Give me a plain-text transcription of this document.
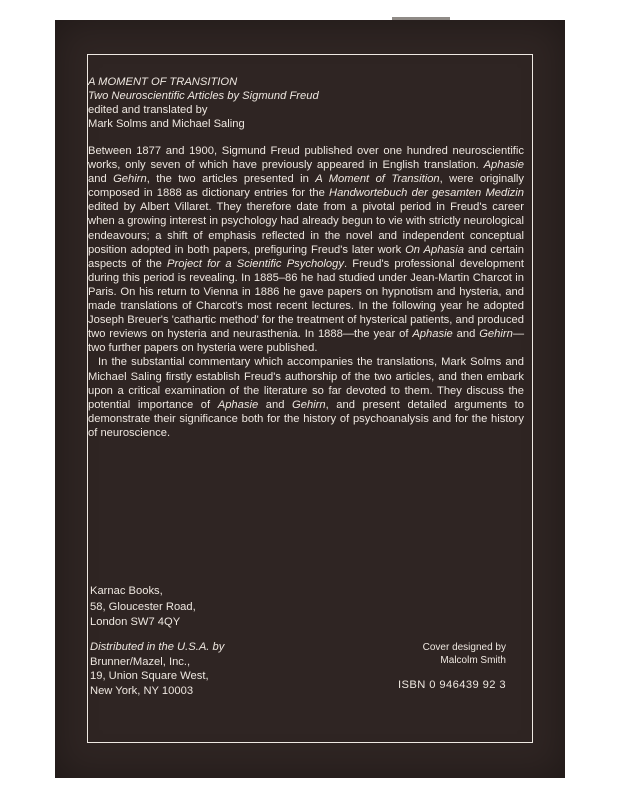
A MOMENT OF TRANSITION
Two Neuroscientific Articles by Sigmund Freud
edited and translated by
Mark Solms and Michael Saling

Between 1877 and 1900, Sigmund Freud published over one hundred neuroscientific works, only seven of which have previously appeared in English translation. Aphasie and Gehirn, the two articles presented in A Moment of Transition, were originally composed in 1888 as dictionary entries for the Handwortebuch der gesamten Medizin edited by Albert Villaret. They therefore date from a pivotal period in Freud's career when a growing interest in psychology had already begun to vie with strictly neurological endeavours; a shift of emphasis reflected in the novel and independent conceptual position adopted in both papers, prefiguring Freud's later work On Aphasia and certain aspects of the Project for a Scientific Psychology. Freud's professional development during this period is revealing. In 1885–86 he had studied under Jean-Martin Charcot in Paris. On his return to Vienna in 1886 he gave papers on hypnotism and hysteria, and made translations of Charcot's most recent lectures. In the following year he adopted Joseph Breuer's 'cathartic method' for the treatment of hysterical patients, and produced two reviews on hysteria and neurasthenia. In 1888—the year of Aphasie and Gehirn—two further papers on hysteria were published.

In the substantial commentary which accompanies the translations, Mark Solms and Michael Saling firstly establish Freud's authorship of the two articles, and then embark upon a critical examination of the literature so far devoted to them. They discuss the potential importance of Aphasie and Gehirn, and present detailed arguments to demonstrate their significance both for the history of psychoanalysis and for the history of neuroscience.

Karnac Books,
58, Gloucester Road,
London SW7 4QY
Distributed in the U.S.A. by
Brunner/Mazel, Inc.,
19, Union Square West,
New York, NY 10003
Cover designed by
Malcolm Smith
ISBN 0 946439 92 3
